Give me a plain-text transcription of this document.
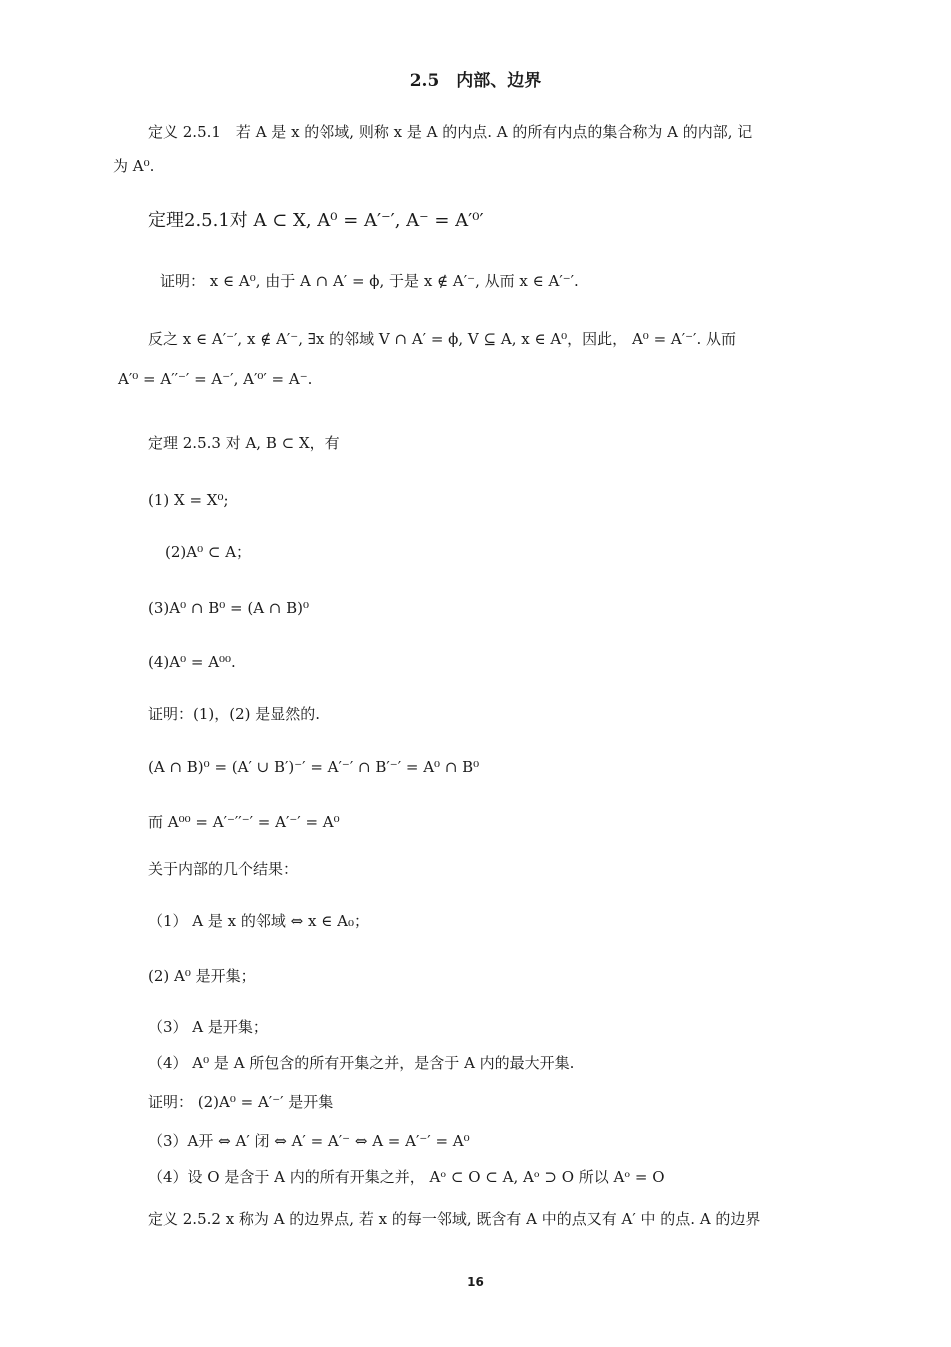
2.5　内部、边界
定义 2.5.1　若 A 是 x 的邻域, 则称 x 是 A 的内点. A 的所有内点的集合称为 A 的内部, 记
为 A⁰.
定理2.5.1对 A ⊂ X, A⁰ = A′⁻′, A⁻ = A′⁰′
证明： x ∈ A⁰, 由于 A ∩ A′ = ϕ, 于是 x ∉ A′⁻, 从而 x ∈ A′⁻′.
反之 x ∈ A′⁻′, x ∉ A′⁻, ∃x 的邻域 V ∩ A′ = ϕ, V ⊆ A, x ∈ A⁰，因此， A⁰ = A′⁻′. 从而
A′⁰ = A′′⁻′ = A⁻′, A′⁰′ = A⁻.
定理 2.5.3 对 A, B ⊂ X，有
(1) X = X⁰;
(2)A⁰ ⊂ A；
(3)A⁰ ∩ B⁰ = (A ∩ B)⁰
(4)A⁰ = A⁰⁰.
证明：(1)，(2) 是显然的.
(A ∩ B)⁰ = (A′ ∪ B′)⁻′ = A′⁻′ ∩ B′⁻′ = A⁰ ∩ B⁰
而 A⁰⁰ = A′⁻′′⁻′ = A′⁻′ = A⁰
关于内部的几个结果：
（1） A 是 x 的邻域 ⇔ x ∈ A₀；
(2) A⁰ 是开集；
（3） A 是开集；
（4） A⁰ 是 A 所包含的所有开集之并，是含于 A 内的最大开集.
证明： (2)A⁰ = A′⁻′ 是开集
（3）A开 ⇔ A′ 闭 ⇔ A′ = A′⁻ ⇔ A = A′⁻′ = A⁰
（4）设 O 是含于 A 内的所有开集之并， Aᵒ ⊂ O ⊂ A, Aᵒ ⊃ O 所以 Aᵒ = O
定义 2.5.2 x 称为 A 的边界点, 若 x 的每一邻域, 既含有 A 中的点又有 A′ 中 的点. A 的边界
16
